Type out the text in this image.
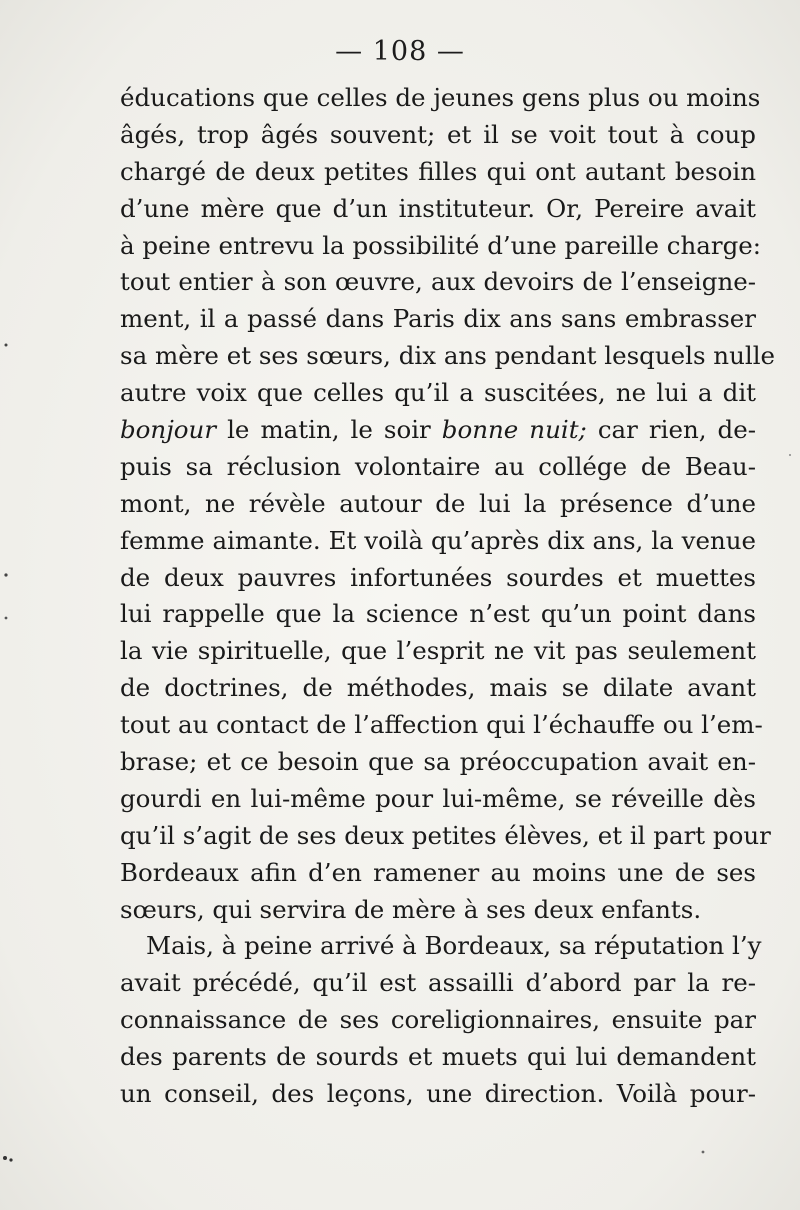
— 108 —
éducations que celles de jeunes gens plus ou moins
âgés, trop âgés souvent; et il se voit tout à coup
chargé de deux petites filles qui ont autant besoin
d’une mère que d’un instituteur. Or, Pereire avait
à peine entrevu la possibilité d’une pareille charge:
tout entier à son œuvre, aux devoirs de l’enseigne-
ment, il a passé dans Paris dix ans sans embrasser
sa mère et ses sœurs, dix ans pendant lesquels nulle
autre voix que celles qu’il a suscitées, ne lui a dit
bonjour le matin, le soir bonne nuit; car rien, de-
puis sa réclusion volontaire au collége de Beau-
mont, ne révèle autour de lui la présence d’une
femme aimante. Et voilà qu’après dix ans, la venue
de deux pauvres infortunées sourdes et muettes
lui rappelle que la science n’est qu’un point dans
la vie spirituelle, que l’esprit ne vit pas seulement
de doctrines, de méthodes, mais se dilate avant
tout au contact de l’affection qui l’échauffe ou l’em-
brase; et ce besoin que sa préoccupation avait en-
gourdi en lui-même pour lui-même, se réveille dès
qu’il s’agit de ses deux petites élèves, et il part pour
Bordeaux afin d’en ramener au moins une de ses
sœurs, qui servira de mère à ses deux enfants.
Mais, à peine arrivé à Bordeaux, sa réputation l’y
avait précédé, qu’il est assailli d’abord par la re-
connaissance de ses coreligionnaires, ensuite par
des parents de sourds et muets qui lui demandent
un conseil, des leçons, une direction. Voilà pour-
